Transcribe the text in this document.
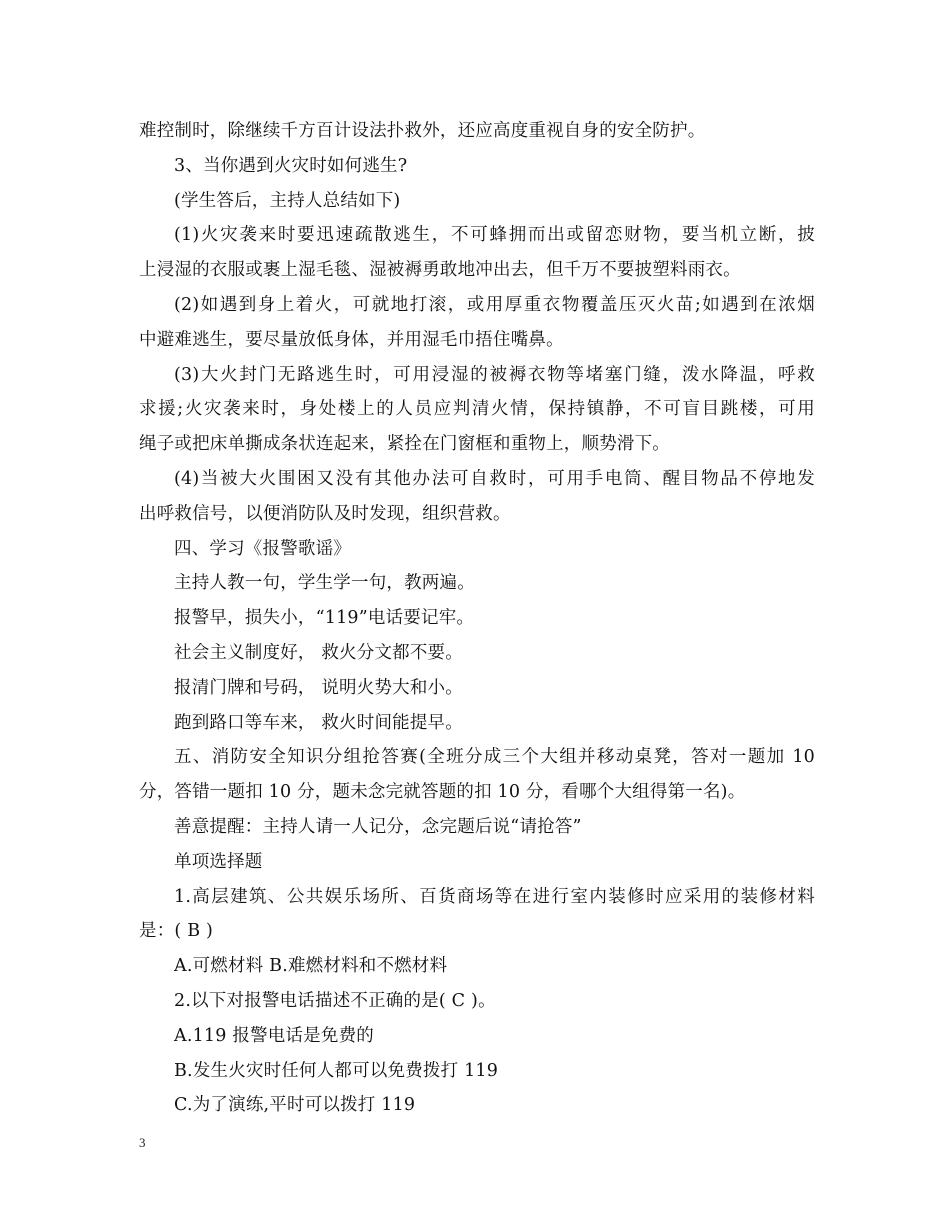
难控制时，除继续千方百计设法扑救外，还应高度重视自身的安全防护。
3、当你遇到火灾时如何逃生?
(学生答后，主持人总结如下)
(1)火灾袭来时要迅速疏散逃生，不可蜂拥而出或留恋财物，要当机立断，披
上浸湿的衣服或裹上湿毛毯、湿被褥勇敢地冲出去，但千万不要披塑料雨衣。
(2)如遇到身上着火，可就地打滚，或用厚重衣物覆盖压灭火苗;如遇到在浓烟
中避难逃生，要尽量放低身体，并用湿毛巾捂住嘴鼻。
(3)大火封门无路逃生时，可用浸湿的被褥衣物等堵塞门缝，泼水降温，呼救
求援;火灾袭来时，身处楼上的人员应判清火情，保持镇静，不可盲目跳楼，可用
绳子或把床单撕成条状连起来，紧拴在门窗框和重物上，顺势滑下。
(4)当被大火围困又没有其他办法可自救时，可用手电筒、醒目物品不停地发
出呼救信号，以便消防队及时发现，组织营救。
四、学习《报警歌谣》
主持人教一句，学生学一句，教两遍。
报警早，损失小，“119”电话要记牢。
社会主义制度好， 救火分文都不要。
报清门牌和号码， 说明火势大和小。
跑到路口等车来， 救火时间能提早。
五、消防安全知识分组抢答赛(全班分成三个大组并移动桌凳，答对一题加 10
分，答错一题扣 10 分，题未念完就答题的扣 10 分，看哪个大组得第一名)。
善意提醒：主持人请一人记分，念完题后说“请抢答”
单项选择题
1.高层建筑、公共娱乐场所、百货商场等在进行室内装修时应采用的装修材料
是：( B )
A.可燃材料 B.难燃材料和不燃材料
2.以下对报警电话描述不正确的是( C )。
A.119 报警电话是免费的
B.发生火灾时任何人都可以免费拨打 119
C.为了演练,平时可以拨打 119
3
